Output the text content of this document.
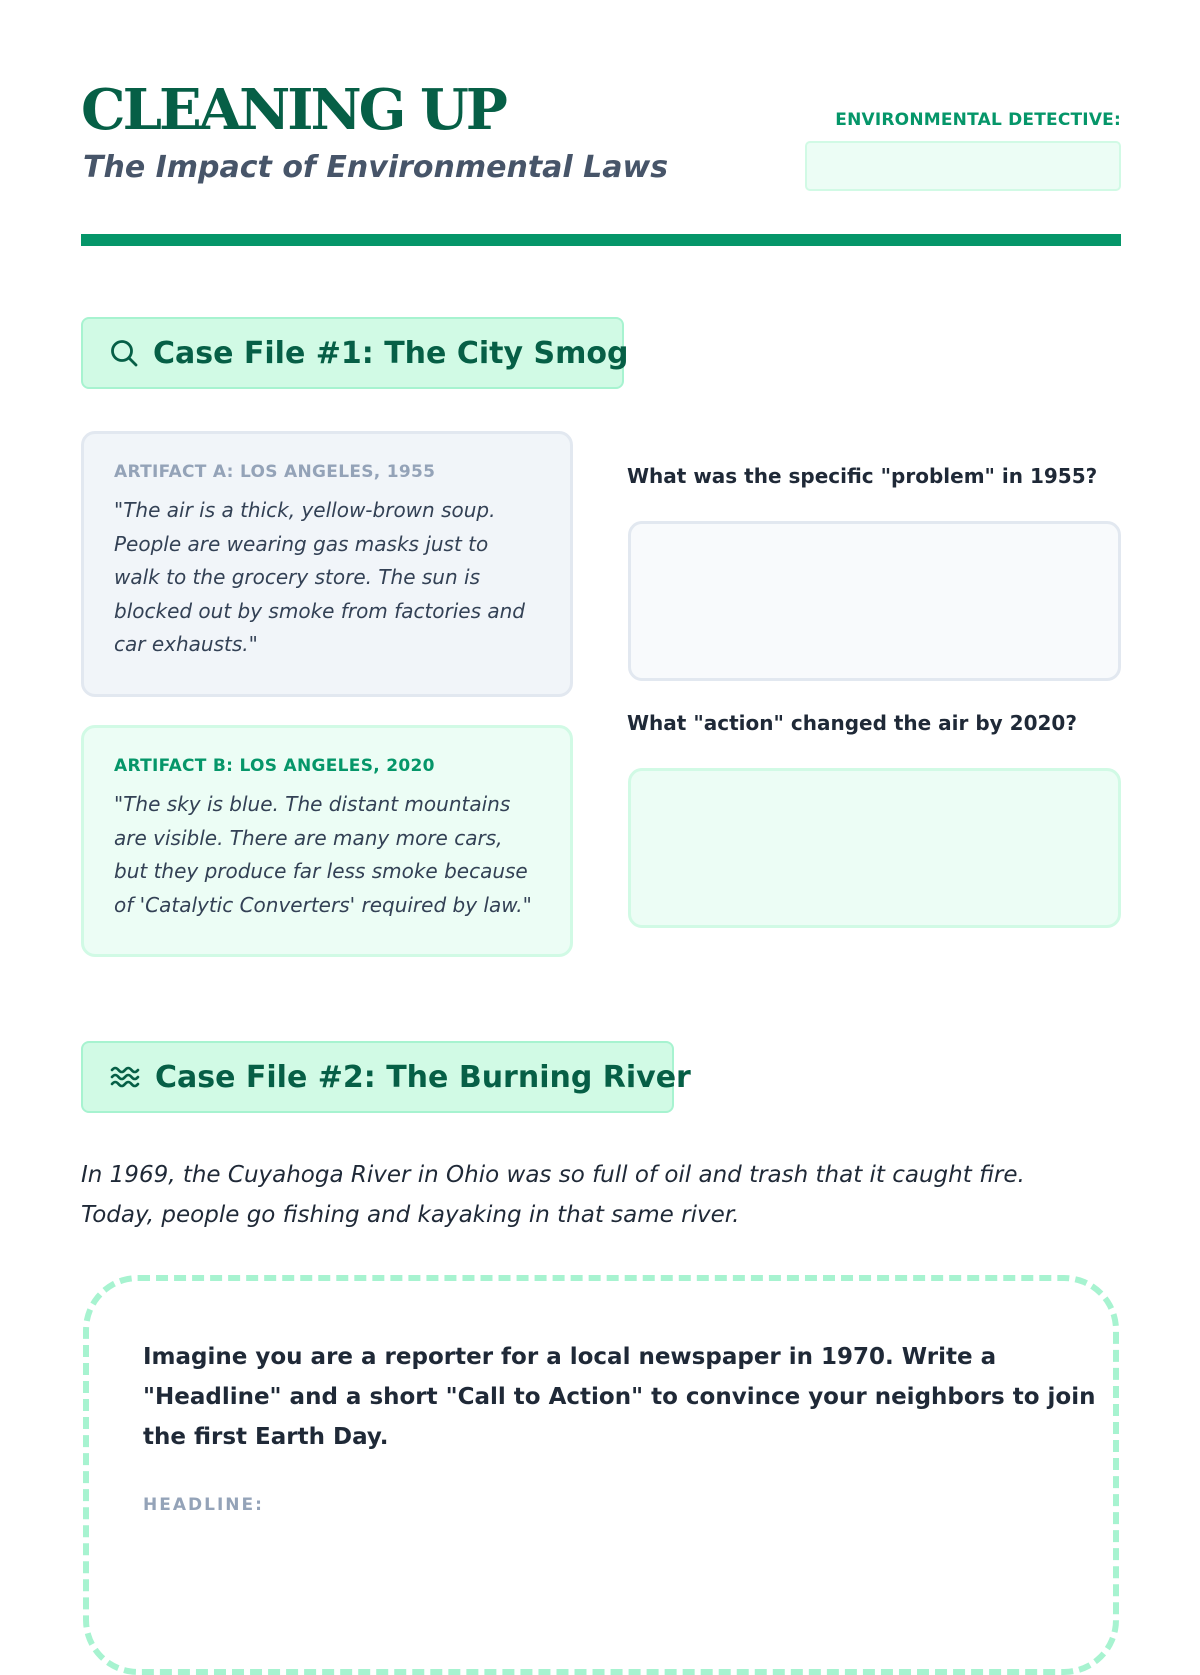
CLEANING UP
The Impact of Environmental Laws
ENVIRONMENTAL DETECTIVE:
Case File #1: The City Smog
ARTIFACT A: LOS ANGELES, 1955
"The air is a thick, yellow-brown soup.
People are wearing gas masks just to
walk to the grocery store. The sun is
blocked out by smoke from factories and
car exhausts."
ARTIFACT B: LOS ANGELES, 2020
"The sky is blue. The distant mountains
are visible. There are many more cars,
but they produce far less smoke because
of 'Catalytic Converters' required by law."
What was the specific "problem" in 1955?
What "action" changed the air by 2020?
Case File #2: The Burning River
In 1969, the Cuyahoga River in Ohio was so full of oil and trash that it caught fire.
Today, people go fishing and kayaking in that same river.
Imagine you are a reporter for a local newspaper in 1970. Write a
"Headline" and a short "Call to Action" to convince your neighbors to join
the first Earth Day.
HEADLINE:
